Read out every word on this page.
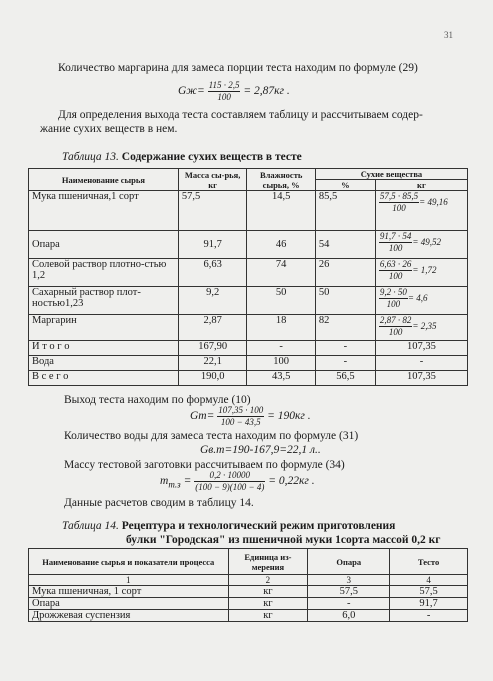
31
Количество маргарина для замеса порции теста находим по формуле (29)
$Gж= \frac{115 \cdot 2,5}{100} = 2,87кг$ .
Для определения выхода теста составляем таблицу и рассчитываем содер-
жание сухих веществ в нем.
Таблица 13. Содержание сухих веществ в тесте
Наименование сырья	Масса сы-рья, кг	Влажность сырья, %	Сухие вещества	
			%	кг
Мука пшеничная,1 сорт	57,5	14,5	85,5	$\frac{57,5 \cdot 85,5}{100} = 49,16$
Опара	91,7	46	54	$\frac{91,7 \cdot 54}{100} = 49,52$
Солевой раствор плотно-стью 1,2	6,63	74	26	$\frac{6,63 \cdot 26}{100} = 1,72$
Сахарный раствор плот-ностью1,23	9,2	50	50	$\frac{9,2 \cdot 50}{100} = 4,6$
Маргарин	2,87	18	82	$\frac{2,87 \cdot 82}{100} = 2,35$
И т о г о	167,90	-	-	107,35
Вода	22,1	100	-	-
В с е г о	190,0	43,5	56,5	107,35
Выход теста находим по формуле (10)
$Gт= \frac{107,35 \cdot 100}{100 - 43,5} = 190кг$ .
Количество воды для замеса теста находим по формуле (31)
Gв.т=190-167,9=22,1 л..
Массу тестовой заготовки рассчитываем по формуле (34)
$m_{т.з} = \frac{0,2 \cdot 10000}{(100 - 9)(100 - 4)} = 0,22кг$ .
Данные расчетов сводим в таблицу 14.
Таблица 14. Рецептура и технологический режим приготовления
булки "Городская" из пшеничной муки 1сорта массой 0,2 кг
Наименование сырья и показатели процесса	Единица из-мерения	Опара	Тесто
1	2	3	4
Мука пшеничная, 1 сорт	кг	57,5	57,5
Опара	кг	-	91,7
Дрожжевая суспензия	кг	6,0	-
